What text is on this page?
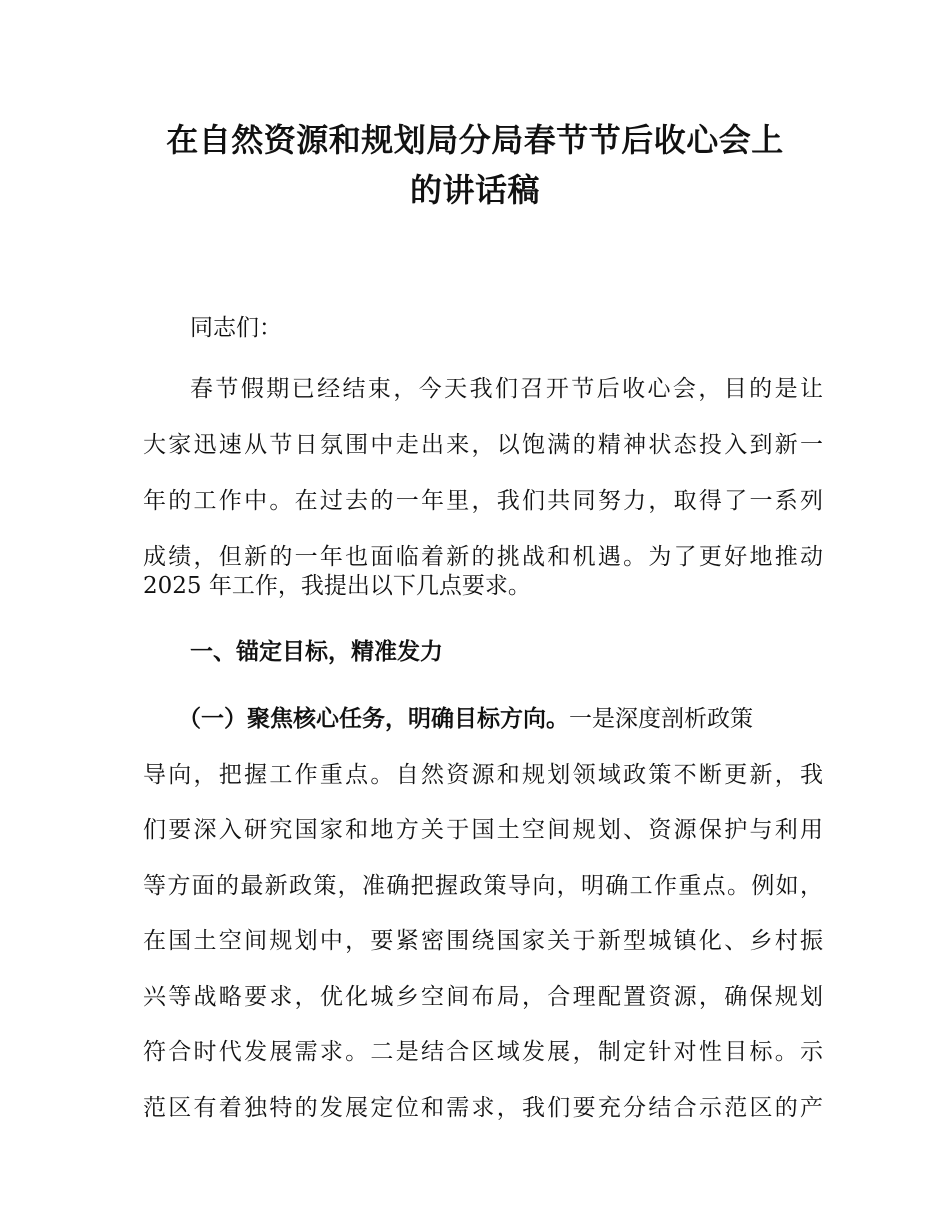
在自然资源和规划局分局春节节后收心会上
的讲话稿

同志们：

春节假期已经结束，今天我们召开节后收心会，目的是让

大家迅速从节日氛围中走出来，以饱满的精神状态投入到新一

年的工作中。在过去的一年里，我们共同努力，取得了一系列

成绩，但新的一年也面临着新的挑战和机遇。为了更好地推动

2025 年工作，我提出以下几点要求。

一、锚定目标，精准发力

（一）聚焦核心任务，明确目标方向。一是深度剖析政策

导向，把握工作重点。自然资源和规划领域政策不断更新，我

们要深入研究国家和地方关于国土空间规划、资源保护与利用

等方面的最新政策，准确把握政策导向，明确工作重点。例如，

在国土空间规划中，要紧密围绕国家关于新型城镇化、乡村振

兴等战略要求，优化城乡空间布局，合理配置资源，确保规划

符合时代发展需求。二是结合区域发展，制定针对性目标。示

范区有着独特的发展定位和需求，我们要充分结合示范区的产
